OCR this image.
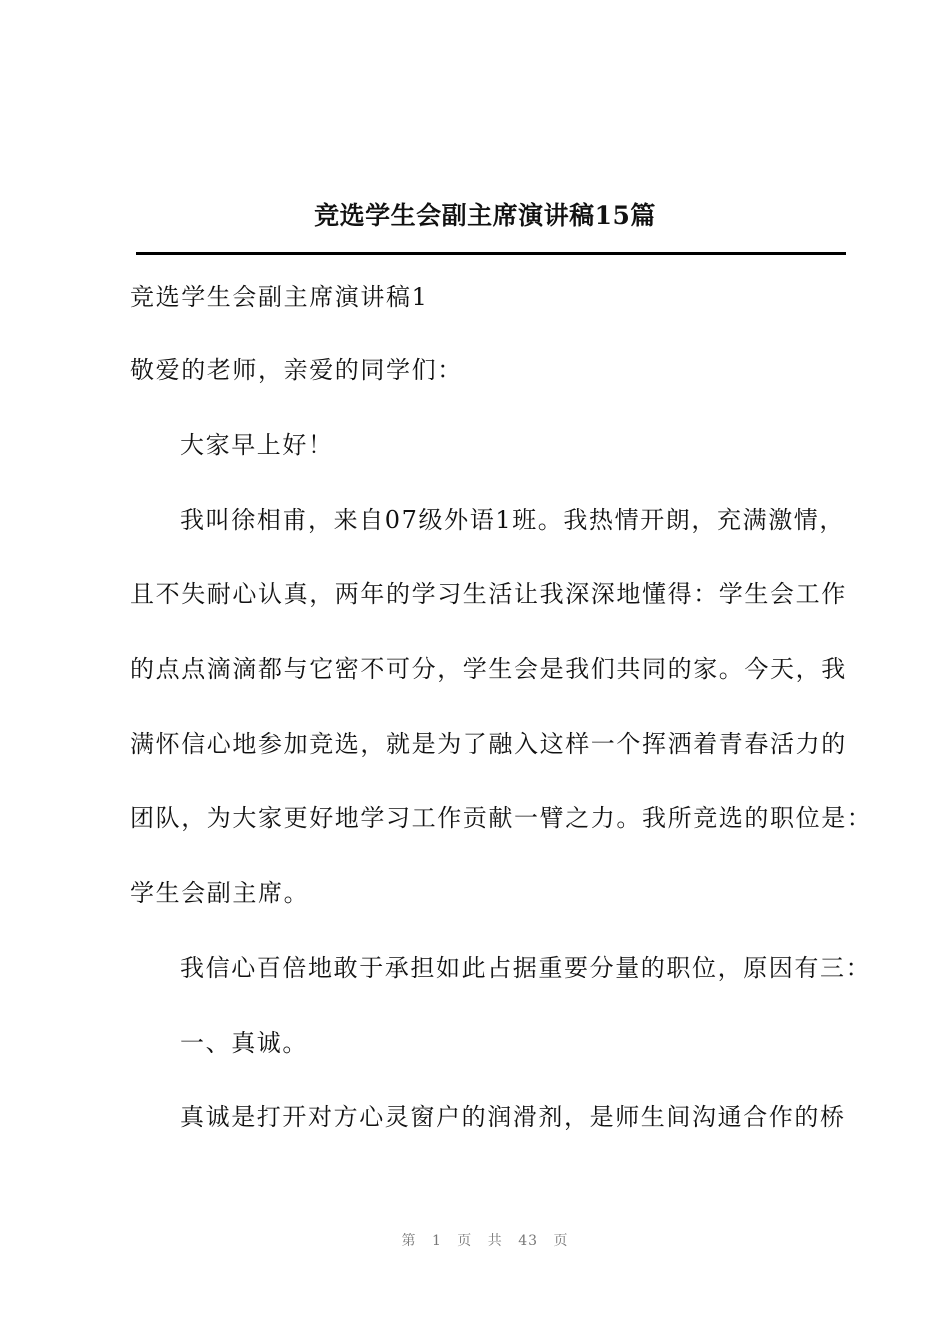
竞选学生会副主席演讲稿15篇
竞选学生会副主席演讲稿1
敬爱的老师，亲爱的同学们：
大家早上好！
我叫徐相甫，来自07级外语1班。我热情开朗，充满激情，
且不失耐心认真，两年的学习生活让我深深地懂得：学生会工作
的点点滴滴都与它密不可分，学生会是我们共同的家。今天，我
满怀信心地参加竞选，就是为了融入这样一个挥洒着青春活力的
团队，为大家更好地学习工作贡献一臂之力。我所竞选的职位是：
学生会副主席。
我信心百倍地敢于承担如此占据重要分量的职位，原因有三：
一、真诚。
真诚是打开对方心灵窗户的润滑剂，是师生间沟通合作的桥
第 1 页 共 43 页
